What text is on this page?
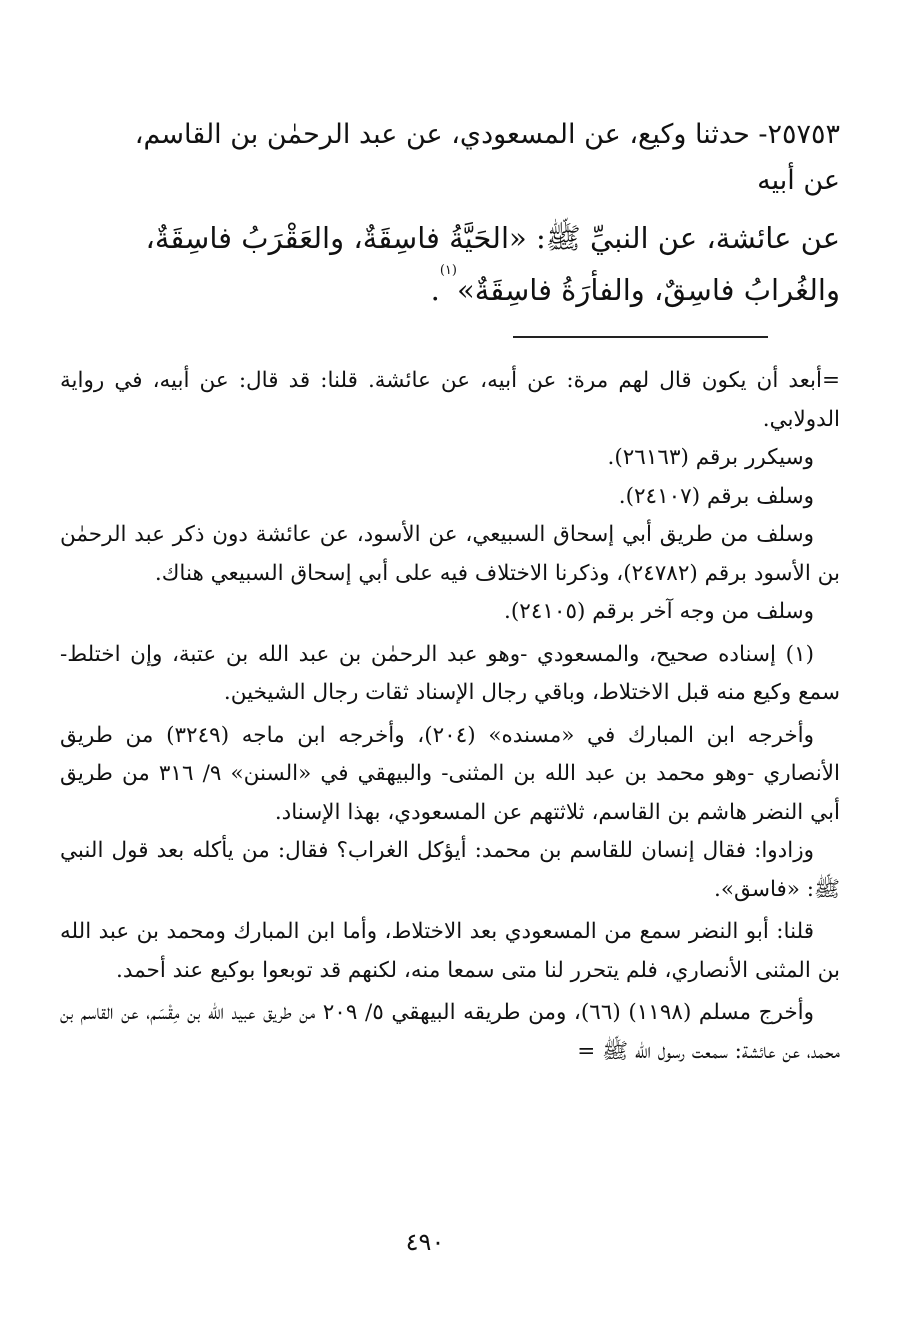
٢٥٧٥٣- حدثنا وكيع، عن المسعودي، عن عبد الرحمٰن بن القاسم،
عن أبيه
عن عائشة، عن النبيِّ ﷺ: «الحَيَّةُ فاسِقَةٌ، والعَقْرَبُ فاسِقَةٌ،
والغُرابُ فاسِقٌ، والفأرَةُ فاسِقَةٌ»$^{(١)}$.

=أبعد أن يكون قال لهم مرة: عن أبيه، عن عائشة. قلنا: قد قال: عن أبيه، في رواية الدولابي.

وسيكرر برقم (٢٦١٦٣).

وسلف برقم (٢٤١٠٧).

وسلف من طريق أبي إسحاق السبيعي، عن الأسود، عن عائشة دون ذكر عبد الرحمٰن بن الأسود برقم (٢٤٧٨٢)، وذكرنا الاختلاف فيه على أبي إسحاق السبيعي هناك.

وسلف من وجه آخر برقم (٢٤١٠٥).

(١) إسناده صحيح، والمسعودي -وهو عبد الرحمٰن بن عبد الله بن عتبة، وإن اختلط- سمع وكيع منه قبل الاختلاط، وباقي رجال الإسناد ثقات رجال الشيخين.

وأخرجه ابن المبارك في «مسنده» (٢٠٤)، وأخرجه ابن ماجه (٣٢٤٩) من طريق الأنصاري -وهو محمد بن عبد الله بن المثنى- والبيهقي في «السنن» ٩/ ٣١٦ من طريق أبي النضر هاشم بن القاسم، ثلاثتهم عن المسعودي، بهذا الإسناد.

وزادوا: فقال إنسان للقاسم بن محمد: أيؤكل الغراب؟ فقال: من يأكله بعد قول النبي ﷺ: «فاسق».

قلنا: أبو النضر سمع من المسعودي بعد الاختلاط، وأما ابن المبارك ومحمد بن عبد الله بن المثنى الأنصاري، فلم يتحرر لنا متى سمعا منه، لكنهم قد توبعوا بوكيع عند أحمد.

وأخرج مسلم (١١٩٨) (٦٦)، ومن طريقه البيهقي ٥/ ٢٠٩ من طريق عبيد الله بن مِقْسَم، عن القاسم بن محمد، عن عائشة: سمعت رسول الله ﷺ =

٤٩٠
